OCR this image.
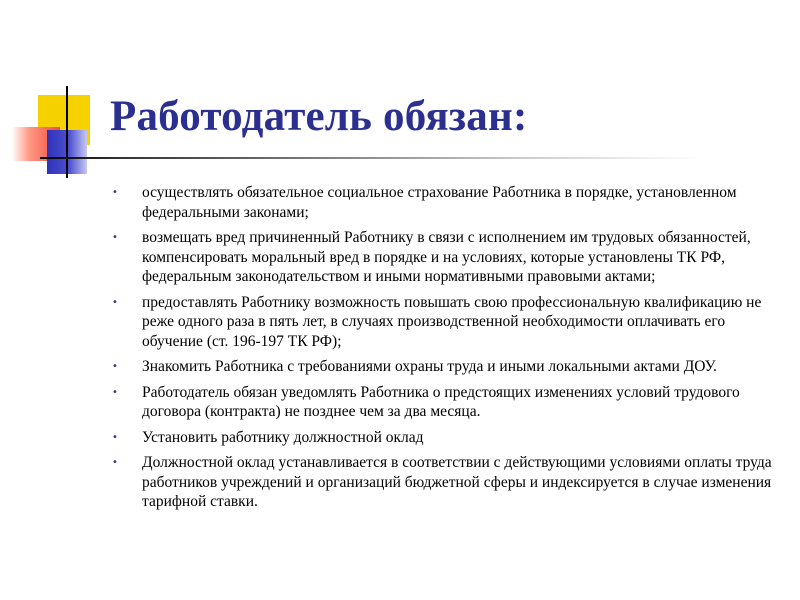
Работодатель обязан:
•	осуществлять обязательное социальное страхование Работника в порядке, установленном федеральными законами;
•	возмещать вред причиненный Работнику в связи с исполнением им трудовых обязанностей, компенсировать моральный вред в порядке и на условиях, которые установлены ТК РФ, федеральным законодательством и иными нормативными правовыми актами;
•	предоставлять Работнику возможность повышать свою профессиональную квалификацию не реже одного раза в пять лет, в случаях производственной необходимости оплачивать его обучение (ст. 196-197 ТК РФ);
•	Знакомить Работника с требованиями охраны труда и иными локальными актами ДОУ.
•	Работодатель обязан уведомлять Работника о предстоящих изменениях условий трудового договора (контракта) не позднее чем за два месяца.
•	Установить работнику должностной оклад
•	Должностной оклад устанавливается в соответствии с действующими условиями оплаты труда работников учреждений и организаций бюджетной сферы и индексируется в случае изменения тарифной ставки.
